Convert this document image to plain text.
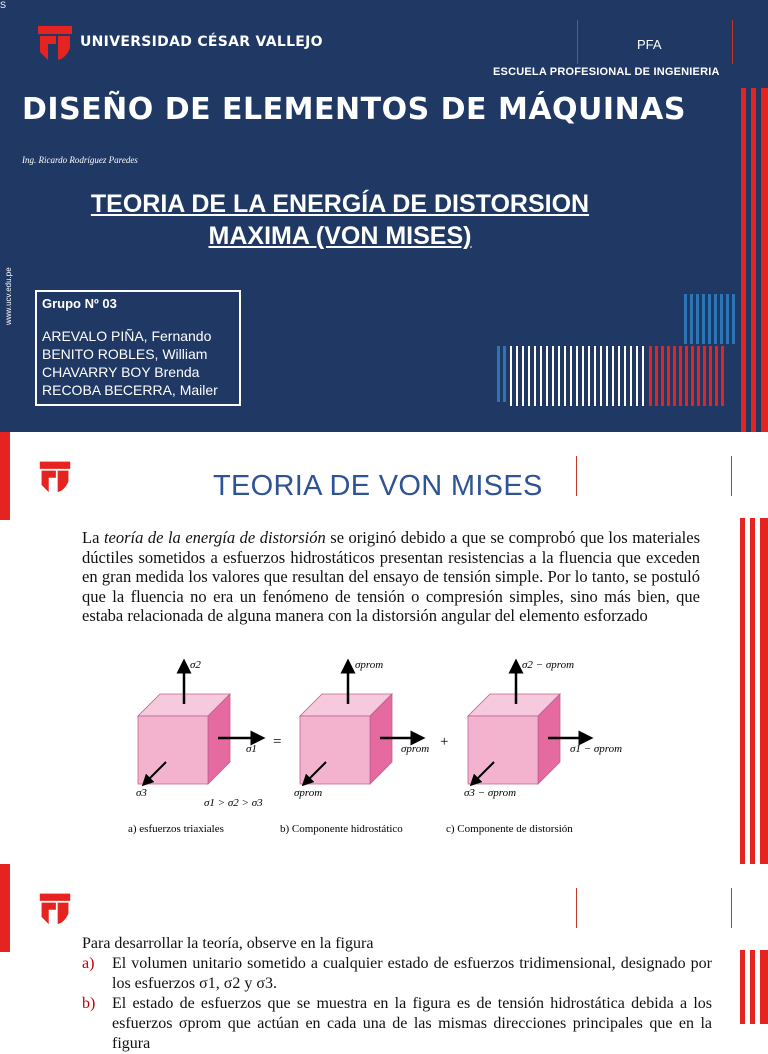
S
UNIVERSIDAD CÉSAR VALLEJO	PFA
ESCUELA PROFESIONAL DE INGENIERIA
DISEÑO DE ELEMENTOS DE MÁQUINAS
Ing. Ricardo Rodríguez Paredes
TEORIA DE LA ENERGÍA DE DISTORSION
MAXIMA (VON MISES)
www.ucv.edu.pe Grupo Nº 03
AREVALO PIÑA, Fernando
BENITO ROBLES, William
CHAVARRY BOY Brenda
RECOBA BECERRA, Mailer
TEORIA DE VON MISES
La teoría de la energía de distorsión se originó debido a que se comprobó que los materiales dúctiles sometidos a esfuerzos hidrostáticos presentan resistencias a la fluencia que exceden en gran medida los valores que resultan del ensayo de tensión simple. Por lo tanto, se postuló que la fluencia no era un fenómeno de tensión o compresión simples, sino más bien, que estaba relacionada de alguna manera con la distorsión angular del elemento esforzado
σ2
σ1
σ3
σ1 > σ2 > σ3
a) esfuerzos triaxiales
=
σprom
σprom
σprom
b) Componente hidrostático
+
σ2 − σprom
σ1 − σprom
σ3 − σprom
c) Componente de distorsión
Para desarrollar la teoría, observe en la figura
a)	El volumen unitario sometido a cualquier estado de esfuerzos tridimensional, designado por los esfuerzos σ1, σ2 y σ3.
b)	El estado de esfuerzos que se muestra en la figura es de tensión hidrostática debida a los esfuerzos σprom que actúan en cada una de las mismas direcciones principales que en la figura
